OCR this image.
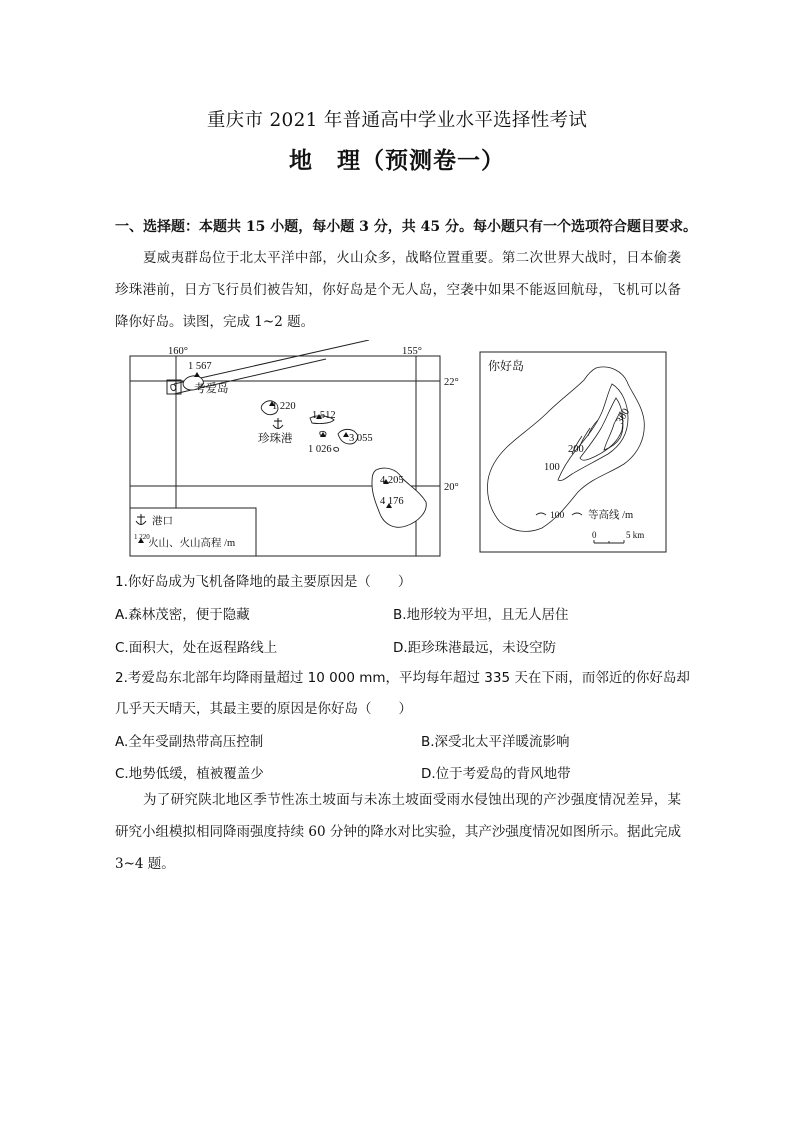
重庆市 2021 年普通高中学业水平选择性考试
地　理（预测卷一）
一、选择题：本题共 15 小题，每小题 3 分，共 45 分。每小题只有一个选项符合题目要求。
夏威夷群岛位于北太平洋中部，火山众多，战略位置重要。第二次世界大战时，日本偷袭珍珠港前，日方飞行员们被告知，你好岛是个无人岛，空袭中如果不能返回航母，飞机可以备降你好岛。读图，完成 1~2 题。
160°	155°
22°
20°
1 567
考爱岛
1 220
1 512
3 055
1 026
珍珠港
4 205
4 176
港口
1 220
火山、火山高程 /m
你好岛
300
200
100
100 等高线 /m
0	5 km
1.你好岛成为飞机备降地的最主要原因是（　　）
A.森林茂密，便于隐藏	B.地形较为平坦，且无人居住
C.面积大，处在返程路线上	D.距珍珠港最远，未设空防
2.考爱岛东北部年均降雨量超过 10 000 mm，平均每年超过 335 天在下雨，而邻近的你好岛却
几乎天天晴天，其最主要的原因是你好岛（　　）
A.全年受副热带高压控制	B.深受北太平洋暖流影响
C.地势低缓，植被覆盖少	D.位于考爱岛的背风地带
为了研究陕北地区季节性冻土坡面与未冻土坡面受雨水侵蚀出现的产沙强度情况差异，某研究小组模拟相同降雨强度持续 60 分钟的降水对比实验，其产沙强度情况如图所示。据此完成 3~4 题。
